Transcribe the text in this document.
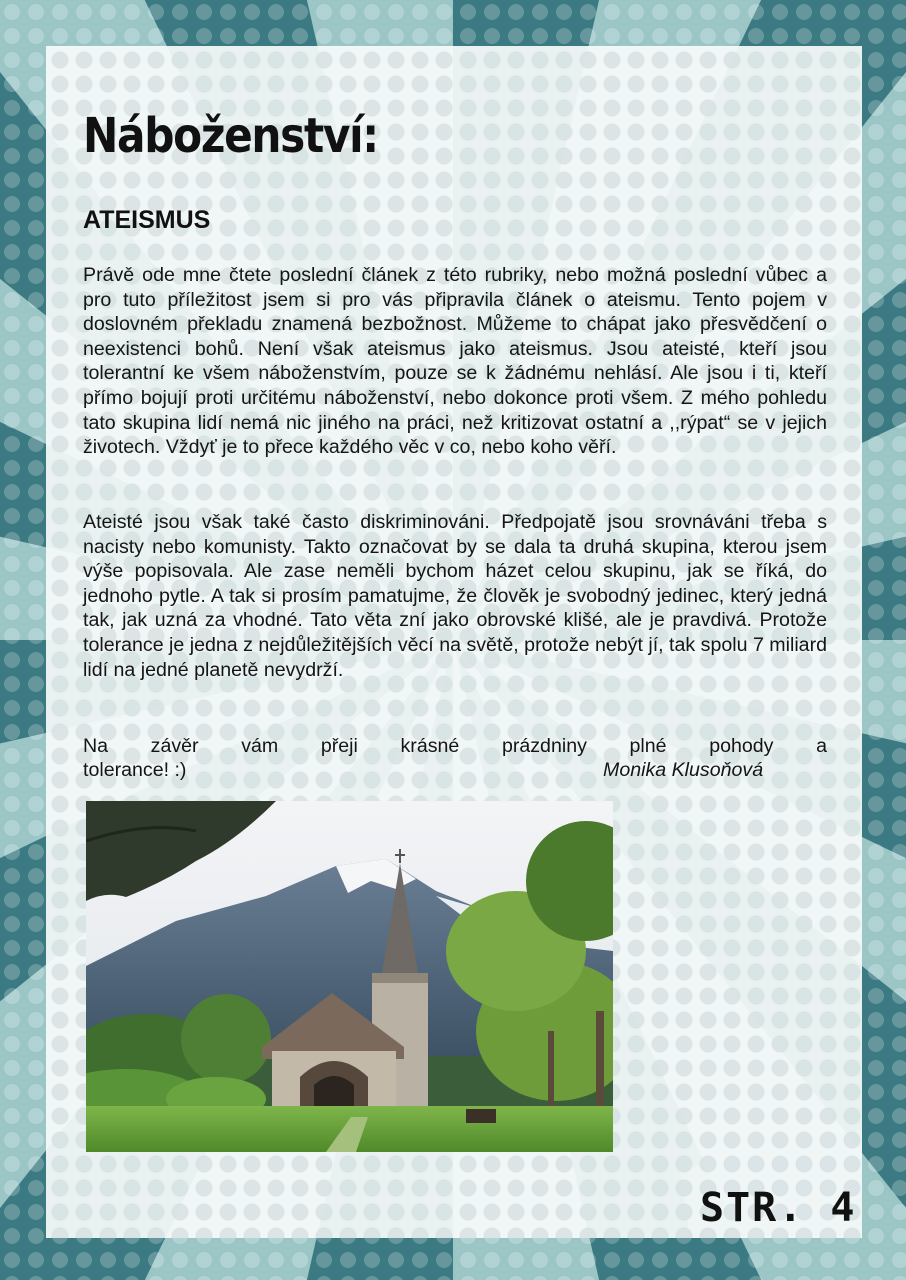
Náboženství:
ATEISMUS

Právě ode mne čtete poslední článek z této rubriky, nebo možná poslední vůbec a pro tuto příležitost jsem si pro vás připravila článek o ateismu. Tento pojem v doslovném překladu znamená bezbožnost. Můžeme to chápat jako přesvědčení o neexistenci bohů. Není však ateismus jako ateismus. Jsou ateisté, kteří jsou tolerantní ke všem náboženstvím, pouze se k žádnému nehlásí. Ale jsou i ti, kteří přímo bojují proti určitému náboženství, nebo dokonce proti všem. Z mého pohledu tato skupina lidí nemá nic jiného na práci, než kritizovat ostatní a ,,rýpat“ se v jejich životech. Vždyť je to přece každého věc v co, nebo koho věří.

Ateisté jsou však také často diskriminováni. Předpojatě jsou srovnáváni třeba s nacisty nebo komunisty. Takto označovat by se dala ta druhá skupina, kterou jsem výše popisovala. Ale zase neměli bychom házet celou skupinu, jak se říká, do jednoho pytle. A tak si prosím pamatujme, že člověk je svobodný jedinec, který jedná tak, jak uzná za vhodné. Tato věta zní jako obrovské klišé, ale je pravdivá. Protože tolerance je jedna z nejdůležitějších věcí na světě, protože nebýt jí, tak spolu 7 miliard lidí na jedné planetě nevydrží.

Na závěr vám přeji krásné prázdniny plné pohody a

tolerance! :)	Monika Klusoňová

STR. 4
